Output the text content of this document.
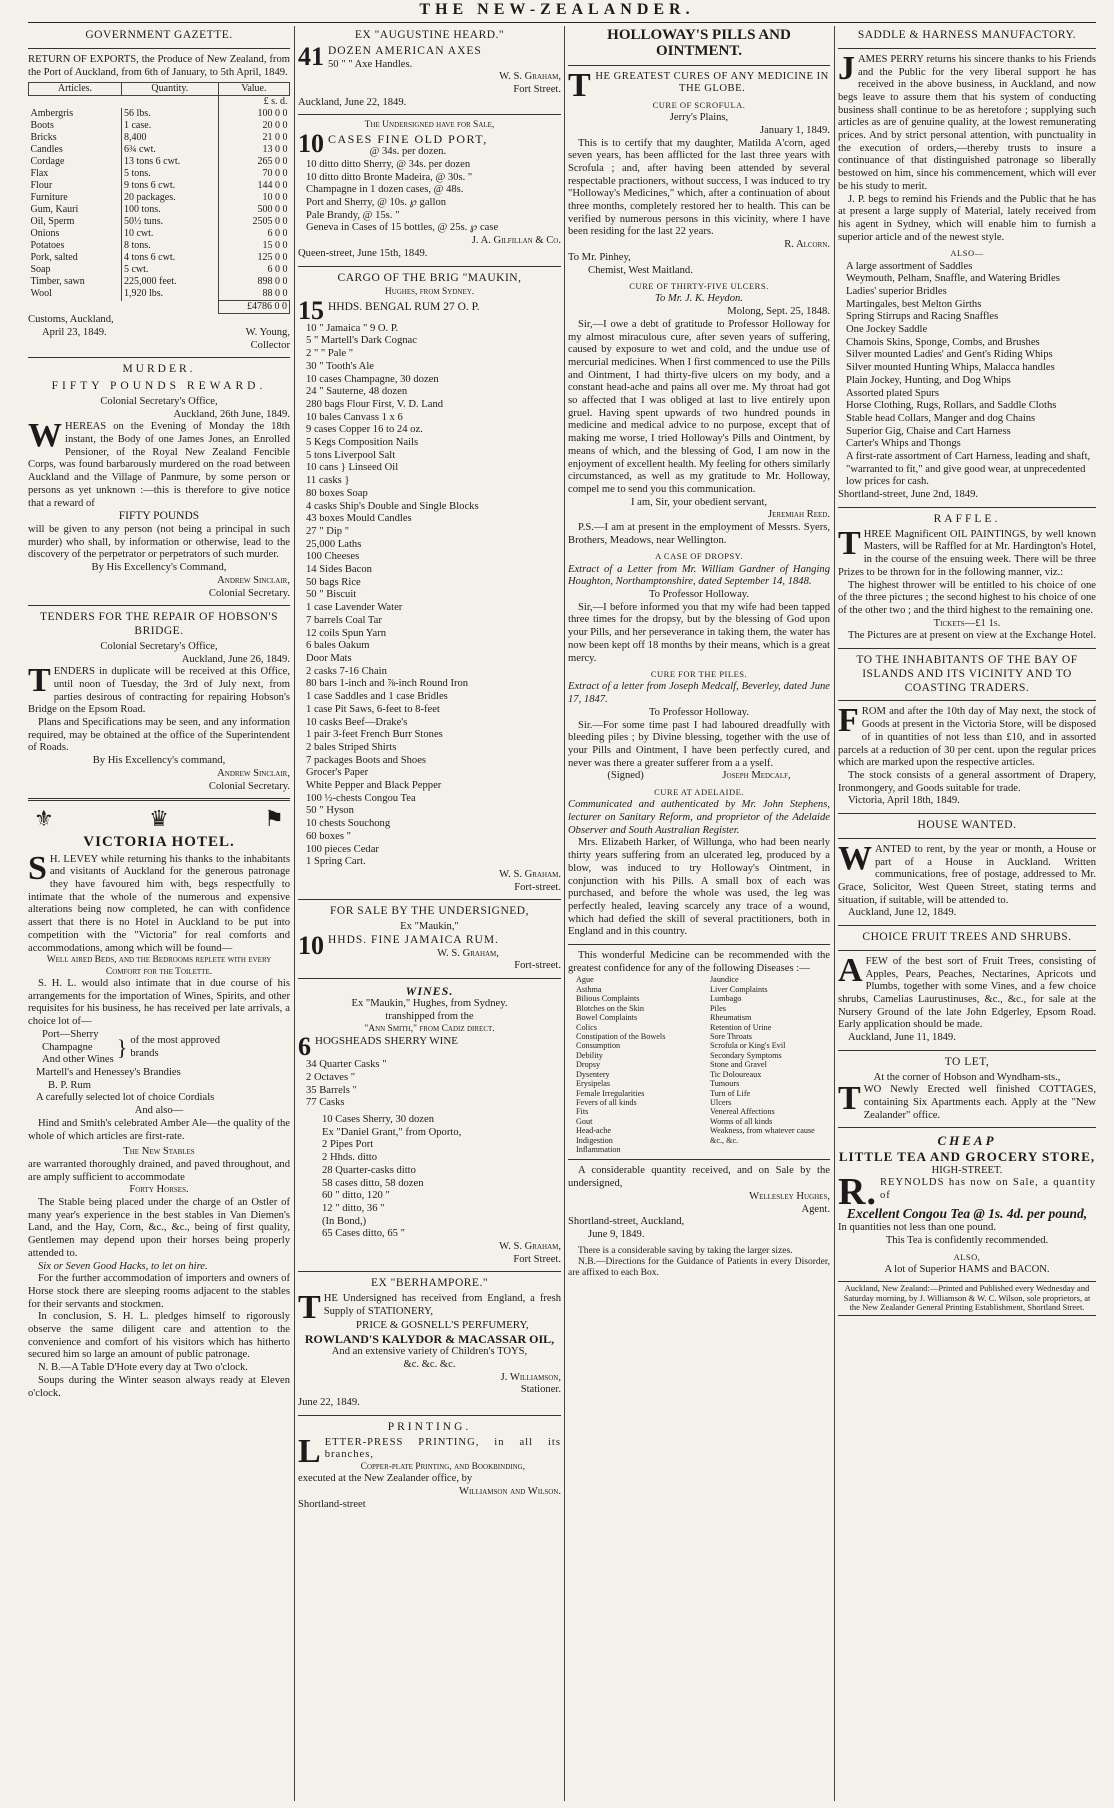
THE NEW-ZEALANDER.
GOVERNMENT GAZETTE.

RETURN OF EXPORTS, the Produce of New Zealand, from the Port of Auckland, from 6th of January, to 5th April, 1849.

Articles.	Quantity.	Value.
		£ s. d.
Ambergris	56 lbs.	100 0 0
Boots	1 case.	20 0 0
Bricks	8,400	21 0 0
Candles	6¾ cwt.	13 0 0
Cordage	13 tons 6 cwt.	265 0 0
Flax	5 tons.	70 0 0
Flour	9 tons 6 cwt.	144 0 0
Furniture	20 packages.	10 0 0
Gum, Kauri	100 tons.	500 0 0
Oil, Sperm	50½ tuns.	2505 0 0
Onions	10 cwt.	6 0 0
Potatoes	8 tons.	15 0 0
Pork, salted	4 tons 6 cwt.	125 0 0
Soap	5 cwt.	6 0 0
Timber, sawn	225,000 feet.	898 0 0
Wool	1,920 lbs.	88 0 0
		£4786 0 0
Customs, Auckland,
April 23, 1849.	W. Young,
Collector
MURDER.
FIFTY POUNDS REWARD.
Colonial Secretary's Office,
Auckland, 26th June, 1849.

WHEREAS on the Evening of Monday the 18th instant, the Body of one James Jones, an Enrolled Pensioner, of the Royal New Zealand Fencible Corps, was found barbarously murdered on the road between Auckland and the Village of Panmure, by some person or persons as yet unknown :—this is therefore to give notice that a reward of

FIFTY POUNDS

will be given to any person (not being a principal in such murder) who shall, by information or otherwise, lead to the discovery of the perpetrator or perpetrators of such murder.

By His Excellency's Command,
Andrew Sinclair,
Colonial Secretary.
TENDERS FOR THE REPAIR OF HOBSON'S BRIDGE.
Colonial Secretary's Office,
Auckland, June 26, 1849.

TENDERS in duplicate will be received at this Office, until noon of Tuesday, the 3rd of July next, from parties desirous of contracting for repairing Hobson's Bridge on the Epsom Road.

Plans and Specifications may be seen, and any information required, may be obtained at the office of the Superintendent of Roads.

By His Excellency's command,
Andrew Sinclair,
Colonial Secretary.
⚜	♛	⚑
VICTORIA HOTEL.

S H. LEVEY while returning his thanks to the inhabitants and visitants of Auckland for the generous patronage they have favoured him with, begs respectfully to intimate that the whole of the numerous and expensive alterations being now completed, he can with confidence assert that there is no Hotel in Auckland to be put into competition with the "Victoria" for real comforts and accommodations, among which will be found—

Well aired Beds, and the Bedrooms replete with every Comfort for the Toilette.

S. H. L. would also intimate that in due course of his arrangements for the importation of Wines, Spirits, and other requisites for his business, he has received per late arrivals, a choice lot of—

Port—Sherry
Champagne
And other Wines
} of the most approved brands
Martell's and Henessey's Brandies
B. P. Rum
A carefully selected lot of choice Cordials
And also—

Hind and Smith's celebrated Amber Ale—the quality of the whole of which articles are first-rate.

The New Stables

are warranted thoroughly drained, and paved throughout, and are amply sufficient to accommodate

Forty Horses.

The Stable being placed under the charge of an Ostler of many year's experience in the best stables in Van Diemen's Land, and the Hay, Corn, &c., &c., being of first quality, Gentlemen may depend upon their horses being properly attended to.

Six or Seven Good Hacks, to let on hire.

For the further accommodation of importers and owners of Horse stock there are sleeping rooms adjacent to the stables for their servants and stockmen.

In conclusion, S. H. L. pledges himself to rigorously observe the same diligent care and attention to the convenience and comfort of his visitors which has hitherto secured him so large an amount of public patronage.

N. B.—A Table D'Hote every day at Two o'clock.

Soups during the Winter season always ready at Eleven o'clock.

EX "AUGUSTINE HEARD."
41 DOZEN AMERICAN AXES
50 " " Axe Handles.
W. S. Graham,
Fort Street.
Auckland, June 22, 1849.
The Undersigned have for Sale,
10 CASES FINE OLD PORT,
@ 34s. per dozen.
10 ditto ditto Sherry, @ 34s. per dozen
10 ditto ditto Bronte Madeira, @ 30s. "
Champagne in 1 dozen cases, @ 48s.
Port and Sherry, @ 10s. ℘ gallon
Pale Brandy, @ 15s. "
Geneva in Cases of 15 bottles, @ 25s. ℘ case
J. A. Gilfillan & Co.
Queen-street, June 15th, 1849.
CARGO OF THE BRIG "MAUKIN,
Hughes, from Sydney.
15 HHDS. BENGAL RUM 27 O. P.
10 " Jamaica " 9 O. P.
5 " Martell's Dark Cognac
2 " " Pale "
30 " Tooth's Ale
10 cases Champagne, 30 dozen
24 " Sauterne, 48 dozen
280 bags Flour First, V. D. Land
10 bales Canvass 1 x 6
9 cases Copper 16 to 24 oz.
5 Kegs Composition Nails
5 tons Liverpool Salt
10 cans } Linseed Oil
11 casks }
80 boxes Soap
4 casks Ship's Double and Single Blocks
43 boxes Mould Candles
27 " Dip "
25,000 Laths
100 Cheeses
14 Sides Bacon
50 bags Rice
50 " Biscuit
1 case Lavender Water
7 barrels Coal Tar
12 coils Spun Yarn
6 bales Oakum
Door Mats
2 casks 7-16 Chain
80 bars 1-inch and ⅞-inch Round Iron
1 case Saddles and 1 case Bridles
1 case Pit Saws, 6-feet to 8-feet
10 casks Beef—Drake's
1 pair 3-feet French Burr Stones
2 bales Striped Shirts
7 packages Boots and Shoes
Grocer's Paper
White Pepper and Black Pepper
100 ½-chests Congou Tea
50 " Hyson
10 chests Souchong
60 boxes "
100 pieces Cedar
1 Spring Cart.
W. S. Graham.
Fort-street.
FOR SALE BY THE UNDERSIGNED,
Ex "Maukin,"
10 HHDS. FINE JAMAICA RUM.
W. S. Graham,
Fort-street.
WINES.
Ex "Maukin," Hughes, from Sydney.
transhipped from the
"Ann Smith," from Cadiz direct.
6 HOGSHEADS SHERRY WINE
34 Quarter Casks "
2 Octaves "
35 Barrels "
77 Casks
10 Cases Sherry, 30 dozen
Ex "Daniel Grant," from Oporto,
2 Pipes Port
2 Hhds. ditto
28 Quarter-casks ditto
58 cases ditto, 58 dozen
60 " ditto, 120 "
12 " ditto, 36 "
(In Bond,)
65 Cases ditto, 65 "
W. S. Graham,
Fort Street.
EX "BERHAMPORE."

THE Undersigned has received from England, a fresh Supply of STATIONERY,

PRICE & GOSNELL'S PERFUMERY,
ROWLAND'S KALYDOR & MACASSAR OIL,
And an extensive variety of Children's TOYS,
&c. &c. &c.
J. Williamson,
Stationer.
June 22, 1849.
PRINTING.

LETTER-PRESS PRINTING, in all its branches,

Copper-plate Printing, and Bookbinding,
executed at the New Zealander office, by
Williamson and Wilson.
Shortland-street
HOLLOWAY'S PILLS AND OINTMENT.

THE GREATEST CURES OF ANY MEDICINE IN THE GLOBE.

CURE OF SCROFULA.
Jerry's Plains,
January 1, 1849.

This is to certify that my daughter, Matilda A'corn, aged seven years, has been afflicted for the last three years with Scrofula ; and, after having been attended by several respectable practioners, without success, I was induced to try "Holloway's Medicines," which, after a continuation of about three months, completely restored her to health. This can be verified by numerous persons in this vicinity, where I have been residing for the last 22 years.

R. Alcorn.
To Mr. Pinhey,
Chemist, West Maitland.
CURE OF THIRTY-FIVE ULCERS.
To Mr. J. K. Heydon.
Molong, Sept. 25, 1848.

Sir,—I owe a debt of gratitude to Professor Holloway for my almost miraculous cure, after seven years of suffering, caused by exposure to wet and cold, and the undue use of mercurial medicines. When I first commenced to use the Pills and Ointment, I had thirty-five ulcers on my body, and a constant head-ache and pains all over me. My throat had got so affected that I was obliged at last to live entirely upon gruel. Having spent upwards of two hundred pounds in medicine and medical advice to no purpose, except that of making me worse, I tried Holloway's Pills and Ointment, by means of which, and the blessing of God, I am now in the enjoyment of excellent health. My feeling for others similarly circumstanced, as well as my gratitude to Mr. Holloway, compel me to send you this communication.

I am, Sir, your obedient servant,
Jeremiah Reed.

P.S.—I am at present in the employment of Messrs. Syers, Brothers, Meadows, near Wellington.

A CASE OF DROPSY.

Extract of a Letter from Mr. William Gardner of Hanging Houghton, Northamptonshire, dated September 14, 1848.

To Professor Holloway.

Sir,—I before informed you that my wife had been tapped three times for the dropsy, but by the blessing of God upon your Pills, and her perseverance in taking them, the water has now been kept off 18 months by their means, which is a great mercy.

CURE FOR THE PILES.

Extract of a letter from Joseph Medcalf, Beverley, dated June 17, 1847.

To Professor Holloway.

Sir.—For some time past I had laboured dreadfully with bleeding piles ; by Divine blessing, together with the use of your Pills and Ointment, I have been perfectly cured, and never was there a greater sufferer from a a yself.

(Signed)	Joseph Medcalf,
CURE AT ADELAIDE.

Communicated and authenticated by Mr. John Stephens, lecturer on Sanitary Reform, and proprietor of the Adelaide Observer and South Australian Register.

Mrs. Elizabeth Harker, of Willunga, who had been nearly thirty years suffering from an ulcerated leg, produced by a blow, was induced to try Holloway's Ointment, in conjunction with his Pills. A small box of each was purchased, and before the whole was used, the leg was perfectly healed, leaving scarcely any trace of a wound, which had defied the skill of several practitioners, both in England and in this country.

This wonderful Medicine can be recommended with the greatest confidence for any of the following Diseases :—

Ague
Asthma
Bilious Complaints
Blotches on the Skin
Bowel Complaints
Colics
Constipation of the Bowels
Consumption
Debility
Dropsy
Dysentery
Erysipelas
Female Irregularities
Fevers of all kinds
Fits
Gout
Head-ache
Indigestion
Inflammation
Jaundice
Liver Complaints
Lumbago
Piles
Rheumatism
Retention of Urine
Sore Throats
Scrofula or King's Evil
Secondary Symptoms
Stone and Gravel
Tic Doloureaux
Tumours
Turn of Life
Ulcers
Venereal Affections
Worms of all kinds
Weakness, from whatever cause
&c., &c.

A considerable quantity received, and on Sale by the undersigned,

Wellesley Hughes,
Agent.
Shortland-street, Auckland,
June 9, 1849.

There is a considerable saving by taking the larger sizes.

N.B.—Directions for the Guidance of Patients in every Disorder, are affixed to each Box.

SADDLE & HARNESS MANUFACTORY.

JAMES PERRY returns his sincere thanks to his Friends and the Public for the very liberal support he has received in the above business, in Auckland, and now begs leave to assure them that his system of conducting business shall continue to be as heretofore ; supplying such articles as are of genuine quality, at the lowest remunerating prices. And by strict personal attention, with punctuality in the execution of orders,—thereby trusts to insure a continuance of that distinguished patronage so liberally bestowed on him, since his commencement, which will ever be his study to merit.

J. P. begs to remind his Friends and the Public that he has at present a large supply of Material, lately received from his agent in Sydney, which will enable him to furnish a superior article and of the newest style.

ALSO—
A large assortment of Saddles
Weymouth, Pelham, Snaffle, and Watering Bridles
Ladies' superior Bridles
Martingales, best Melton Girths
Spring Stirrups and Racing Snaffles
One Jockey Saddle
Chamois Skins, Sponge, Combs, and Brushes
Silver mounted Ladies' and Gent's Riding Whips
Silver mounted Hunting Whips, Malacca handles
Plain Jockey, Hunting, and Dog Whips
Assorted plated Spurs
Horse Clothing, Rugs, Rollars, and Saddle Cloths
Stable head Collars, Manger and dog Chains
Superior Gig, Chaise and Cart Harness
Carter's Whips and Thongs
A first-rate assortment of Cart Harness, leading and shaft, "warranted to fit," and give good wear, at unprecedented low prices for cash.
Shortland-street, June 2nd, 1849.
RAFFLE.

THREE Magnificent OIL PAINTINGS, by well known Masters, will be Raffled for at Mr. Hardington's Hotel, in the course of the ensuing week. There will be three Prizes to be thrown for in the following manner, viz.:

The highest thrower will be entitled to his choice of one of the three pictures ; the second highest to his choice of one of the other two ; and the third highest to the remaining one.

Tickets—£1 1s.

The Pictures are at present on view at the Exchange Hotel.

TO THE INHABITANTS OF THE BAY OF ISLANDS AND ITS VICINITY AND TO COASTING TRADERS.

FROM and after the 10th day of May next, the stock of Goods at present in the Victoria Store, will be disposed of in quantities of not less than £10, and in assorted parcels at a reduction of 30 per cent. upon the regular prices which are marked upon the respective articles.

The stock consists of a general assortment of Drapery, Ironmongery, and Goods suitable for trade.

Victoria, April 18th, 1849.
HOUSE WANTED.

WANTED to rent, by the year or month, a House or part of a House in Auckland. Written communications, free of postage, addressed to Mr. Grace, Solicitor, West Queen Street, stating terms and situation, if suitable, will be attended to.

Auckland, June 12, 1849.
CHOICE FRUIT TREES AND SHRUBS.

AFEW of the best sort of Fruit Trees, consisting of Apples, Pears, Peaches, Nectarines, Apricots und Plumbs, together with some Vines, and a few choice shrubs, Camelias Laurustinuses, &c., &c., for sale at the Nursery Ground of the late John Edgerley, Epsom Road. Early application should be made.

Auckland, June 11, 1849.
TO LET,
At the corner of Hobson and Wyndham-sts.,

TWO Newly Erected well finished COTTAGES, containing Six Apartments each. Apply at the "New Zealander" office.

CHEAP
LITTLE TEA AND GROCERY STORE,
HIGH-STREET.

R. REYNOLDS has now on Sale, a quantity of

Excellent Congou Tea @ 1s. 4d. per pound,
In quantities not less than one pound.
This Tea is confidently recommended.
ALSO,
A lot of Superior HAMS and BACON.
Auckland, New Zealand:—Printed and Published every Wednesday and Saturday morning, by J. Williamson & W. C. Wilson, sole proprietors, at the New Zealander General Printing Establishment, Shortland Street.
